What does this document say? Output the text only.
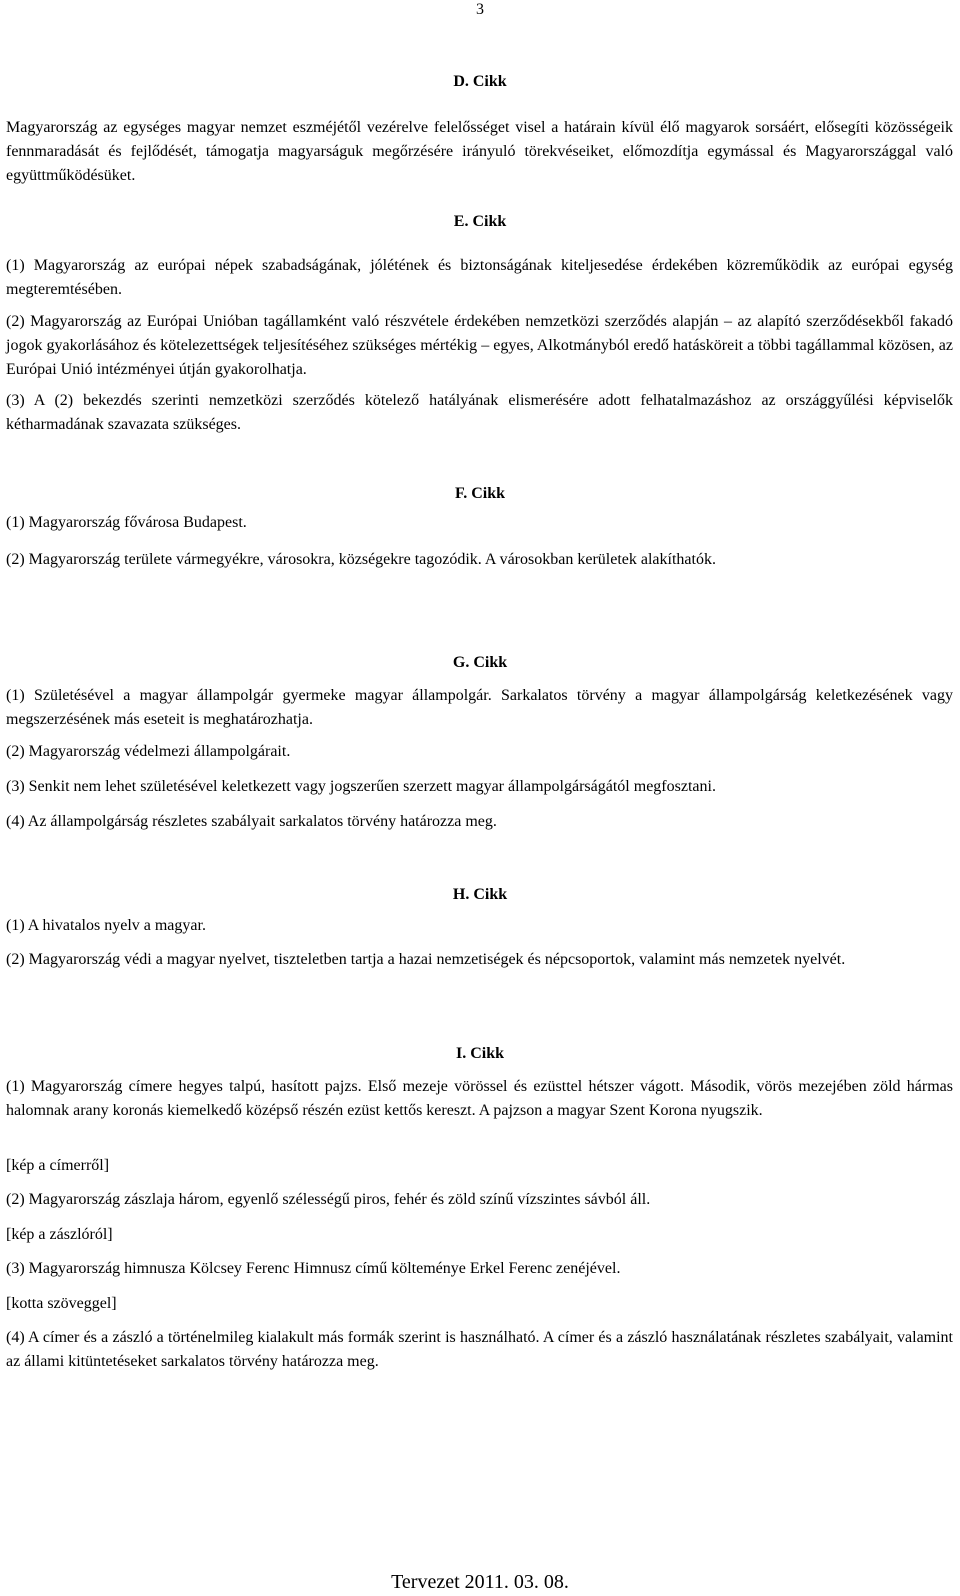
3
D. Cikk
Magyarország az egységes magyar nemzet eszméjétől vezérelve felelősséget visel a határain kívül élő magyarok sorsáért, elősegíti közösségeik fennmaradását és fejlődését, támogatja magyarságuk megőrzésére irányuló törekvéseiket, előmozdítja egymással és Magyarországgal való együttműködésüket.
E. Cikk
(1) Magyarország az európai népek szabadságának, jólétének és biztonságának kiteljesedése érdekében közreműködik az európai egység megteremtésében.
(2) Magyarország az Európai Unióban tagállamként való részvétele érdekében nemzetközi szerződés alapján – az alapító szerződésekből fakadó jogok gyakorlásához és kötelezettségek teljesítéséhez szükséges mértékig – egyes, Alkotmányból eredő hatásköreit a többi tagállammal közösen, az Európai Unió intézményei útján gyakorolhatja.
(3) A (2) bekezdés szerinti nemzetközi szerződés kötelező hatályának elismerésére adott felhatalmazáshoz az országgyűlési képviselők kétharmadának szavazata szükséges.
F. Cikk
(1) Magyarország fővárosa Budapest.
(2) Magyarország területe vármegyékre, városokra, községekre tagozódik. A városokban kerületek alakíthatók.
G. Cikk
(1) Születésével a magyar állampolgár gyermeke magyar állampolgár. Sarkalatos törvény a magyar állampolgárság keletkezésének vagy megszerzésének más eseteit is meghatározhatja.
(2) Magyarország védelmezi állampolgárait.
(3) Senkit nem lehet születésével keletkezett vagy jogszerűen szerzett magyar állampolgárságától megfosztani.
(4) Az állampolgárság részletes szabályait sarkalatos törvény határozza meg.
H. Cikk
(1) A hivatalos nyelv a magyar.
(2) Magyarország védi a magyar nyelvet, tiszteletben tartja a hazai nemzetiségek és népcsoportok, valamint más nemzetek nyelvét.
I. Cikk
(1) Magyarország címere hegyes talpú, hasított pajzs. Első mezeje vörössel és ezüsttel hétszer vágott. Második, vörös mezejében zöld hármas halomnak arany koronás kiemelkedő középső részén ezüst kettős kereszt. A pajzson a magyar Szent Korona nyugszik.
[kép a címerről]
(2) Magyarország zászlaja három, egyenlő szélességű piros, fehér és zöld színű vízszintes sávból áll.
[kép a zászlóról]
(3) Magyarország himnusza Kölcsey Ferenc Himnusz című költeménye Erkel Ferenc zenéjével.
[kotta szöveggel]
(4) A címer és a zászló a történelmileg kialakult más formák szerint is használható. A címer és a zászló használatának részletes szabályait, valamint az állami kitüntetéseket sarkalatos törvény határozza meg.
Tervezet 2011. 03. 08.
